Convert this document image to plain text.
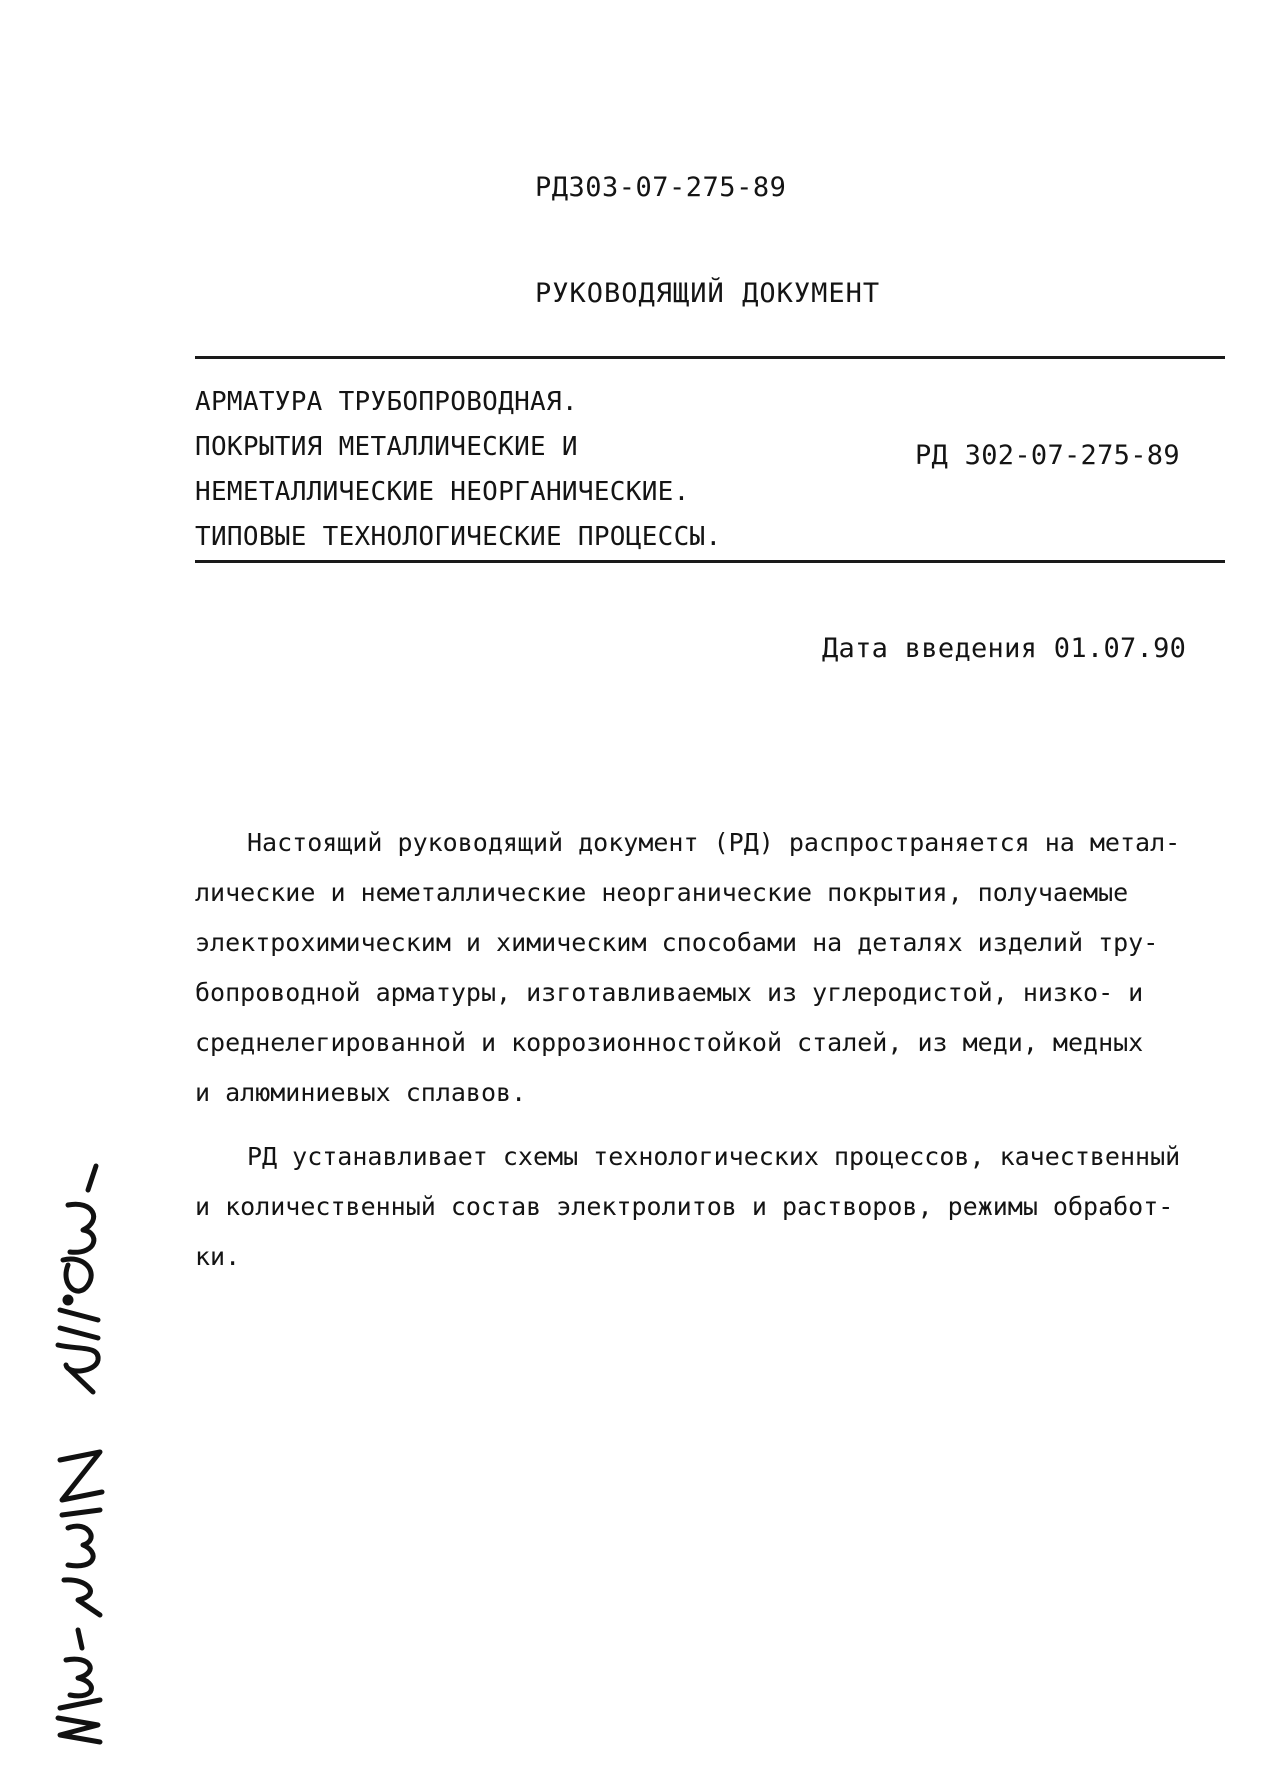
РД303-07-275-89
РУКОВОДЯЩИЙ ДОКУМЕНТ
АРМАТУРА ТРУБОПРОВОДНАЯ.
ПОКРЫТИЯ МЕТАЛЛИЧЕСКИЕ И
НЕМЕТАЛЛИЧЕСКИЕ НЕОРГАНИЧЕСКИЕ.
ТИПОВЫЕ ТЕХНОЛОГИЧЕСКИЕ ПРОЦЕССЫ.
РД 302-07-275-89
Дата введения 01.07.90

Настоящий руководящий документ (РД) распространяется на метал-
лические и неметаллические неорганические покрытия, получаемые
электрохимическим и химическим способами на деталях изделий тру-
бопроводной арматуры, изготавливаемых из углеродистой, низко- и
среднелегированной и коррозионностойкой сталей, из меди, медных
и алюминиевых сплавов.

РД устанавливает схемы технологических процессов, качественный
и количественный состав электролитов и растворов, режимы обработ-
ки.
